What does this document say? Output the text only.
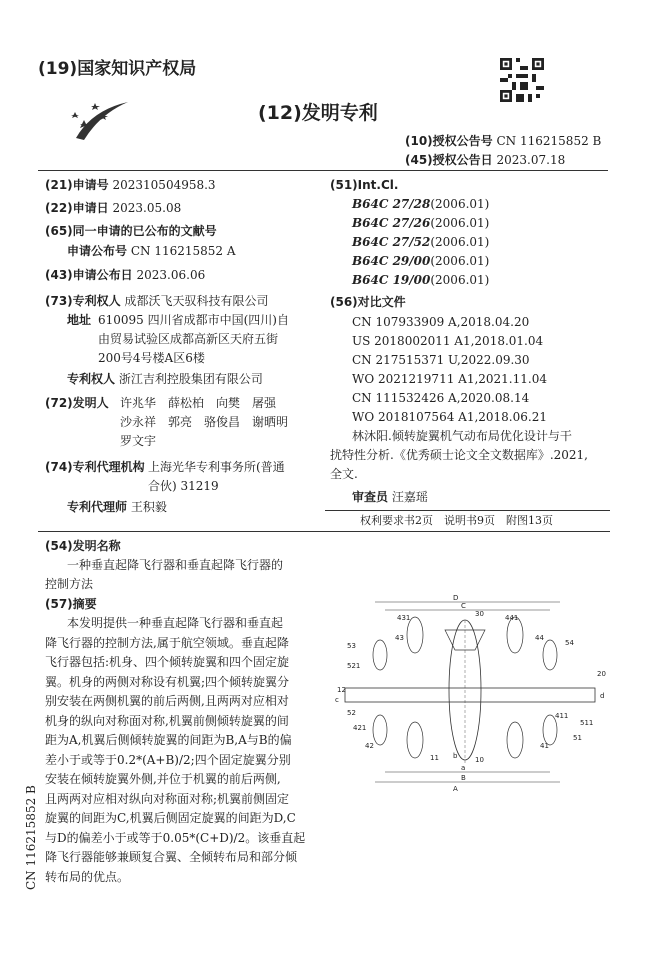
(19)国家知识产权局
(12)发明专利
(10)授权公告号 CN 116215852 B
(45)授权公告日 2023.07.18
(21)申请号 202310504958.3
(22)申请日 2023.05.08
(65)同一申请的已公布的文献号
申请公布号 CN 116215852 A
(43)申请公布日 2023.06.06
(73)专利权人 成都沃飞天驭科技有限公司
地址 610095 四川省成都市中国(四川)自
由贸易试验区成都高新区天府五街
200号4号楼A区6楼
专利权人 浙江吉利控股集团有限公司
(72)发明人 许兆华　薛松柏　向樊　屠强
沙永祥　郭亮　骆俊昌　谢晒明
罗文宇
(74)专利代理机构 上海光华专利事务所(普通
合伙) 31219
专利代理师 王积毅
(51)Int.Cl.
B64C 27/28(2006.01)
B64C 27/26(2006.01)
B64C 27/52(2006.01)
B64C 29/00(2006.01)
B64C 19/00(2006.01)
(56)对比文件
CN 107933909 A,2018.04.20
US 2018002011 A1,2018.01.04
CN 217515371 U,2022.09.30
WO 2021219711 A1,2021.11.04
CN 111532426 A,2020.08.14
WO 2018107564 A1,2018.06.21
林沐阳.倾转旋翼机气动布局优化设计与干
扰特性分析.《优秀硕士论文全文数据库》.2021,
全文.
审查员 汪嘉瑶
权利要求书2页　说明书9页　附图13页
(54)发明名称
一种垂直起降飞行器和垂直起降飞行器的
控制方法
(57)摘要
本发明提供一种垂直起降飞行器和垂直起
降飞行器的控制方法,属于航空领域。垂直起降
飞行器包括:机身、四个倾转旋翼和四个固定旋
翼。机身的两侧对称设有机翼;四个倾转旋翼分
别安装在两侧机翼的前后两侧,且两两对应相对
机身的纵向对称面对称,机翼前侧倾转旋翼的间
距为A,机翼后侧倾转旋翼的间距为B,A与B的偏
差小于或等于0.2*(A+B)/2;四个固定旋翼分别
安装在倾转旋翼外侧,并位于机翼的前后两侧,
且两两对应相对纵向对称面对称;机翼前侧固定
旋翼的间距为C,机翼后侧固定旋翼的间距为D,C
与D的偏差小于或等于0.05*(C+D)/2。该垂直起
降飞行器能够兼顾复合翼、全倾转布局和部分倾
转布局的优点。
CN 116215852 B
D
C
30
431	441
43	44
54
53
521
20
12
d
c
52	411
511
421
42	41
51
11 b	10
a
B
A
